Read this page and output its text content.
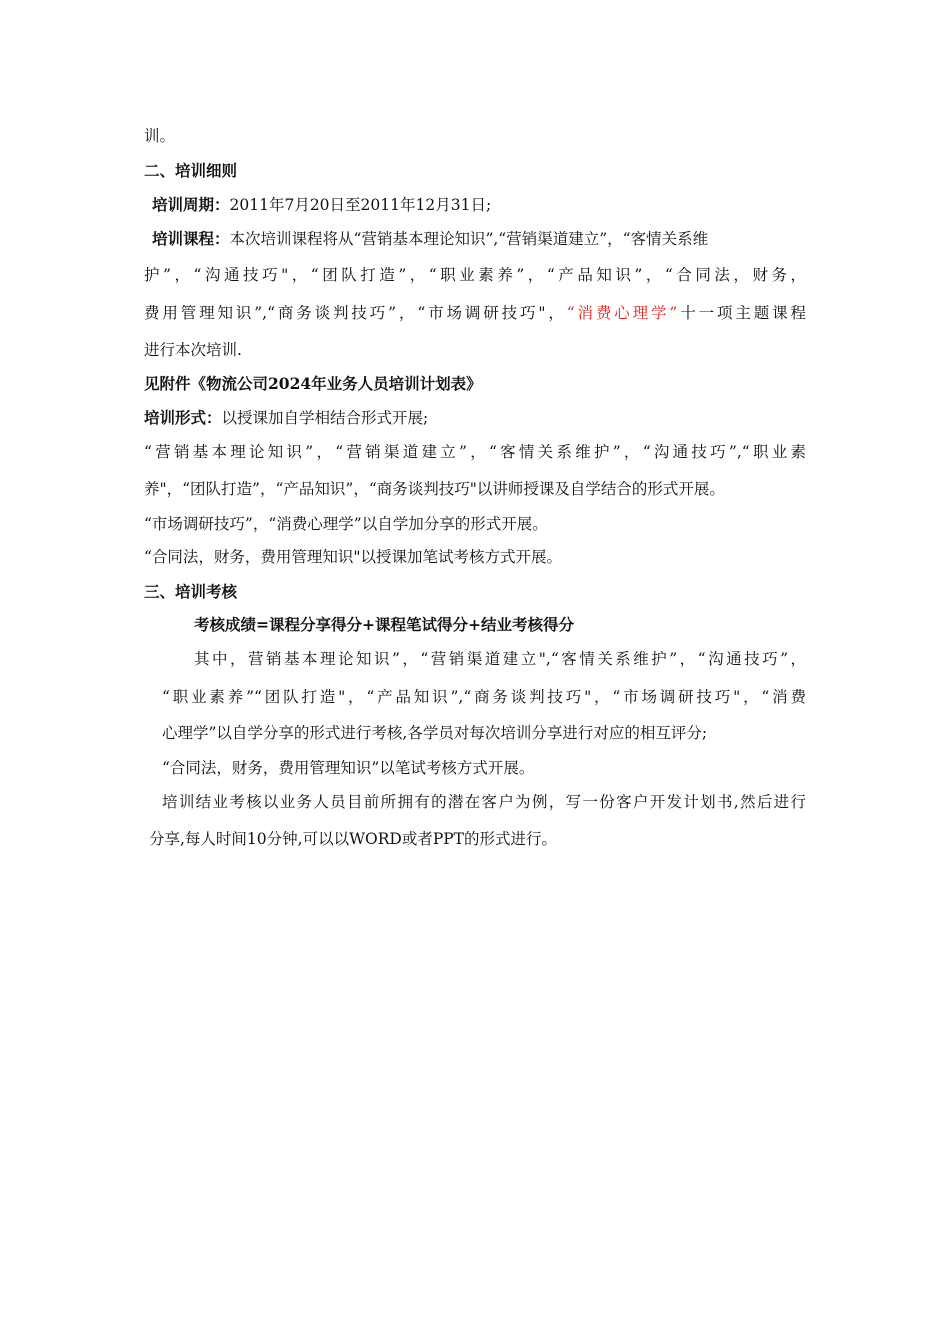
训。
二、培训细则
培训周期：2011年7月20日至2011年12月31日;
培训课程：本次培训课程将从“营销基本理论知识”,“营销渠道建立”，“客情关系维
护”，“沟通技巧"，“团队打造”，“职业素养”，“产品知识”，“合同法，财务，
费用管理知识”,“商务谈判技巧”，“市场调研技巧"，“消费心理学”十一项主题课程
进行本次培训.
见附件《物流公司2024年业务人员培训计划表》
培训形式：以授课加自学相结合形式开展;
“营销基本理论知识”，“营销渠道建立”，“客情关系维护”，“沟通技巧”,“职业素
养"，“团队打造”，“产品知识”，“商务谈判技巧"以讲师授课及自学结合的形式开展。
“市场调研技巧”，“消费心理学”以自学加分享的形式开展。
“合同法，财务，费用管理知识"以授课加笔试考核方式开展。
三、培训考核
考核成绩=课程分享得分+课程笔试得分+结业考核得分
其中，营销基本理论知识”，“营销渠道建立",“客情关系维护”，“沟通技巧”，
“职业素养”“团队打造"，“产品知识”,“商务谈判技巧"，“市场调研技巧"，“消费
心理学”以自学分享的形式进行考核,各学员对每次培训分享进行对应的相互评分;
“合同法，财务，费用管理知识”以笔试考核方式开展。
培训结业考核以业务人员目前所拥有的潜在客户为例，写一份客户开发计划书,然后进行
分享,每人时间10分钟,可以以WORD或者PPT的形式进行。
